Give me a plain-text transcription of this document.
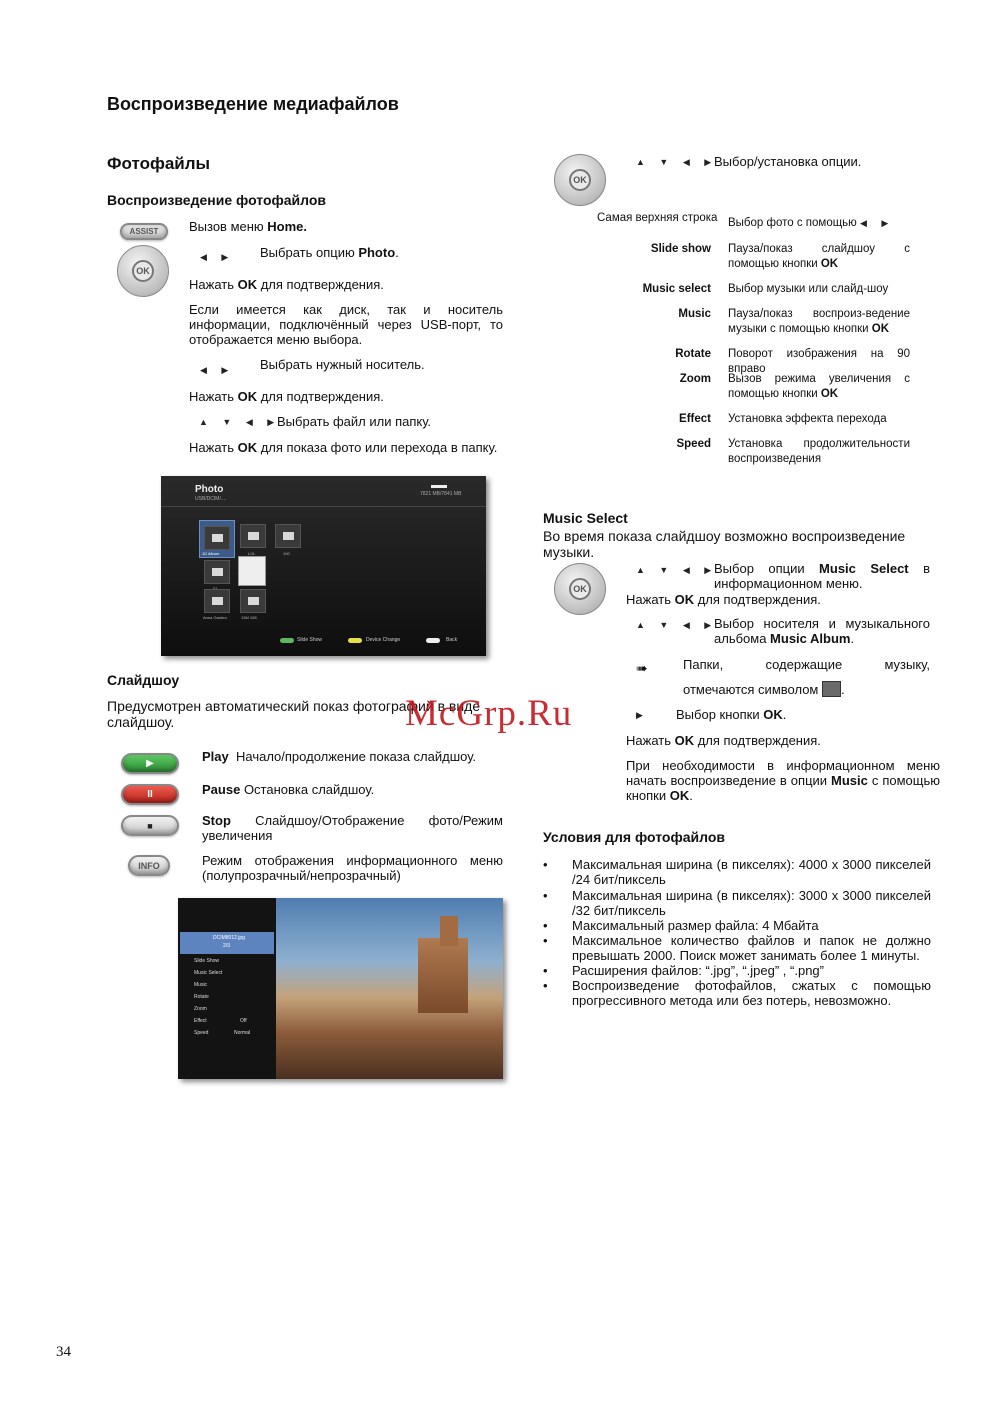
Воспроизведение медиафайлов
Фотофайлы
Воспроизведение фотофайлов
ASSIST
OK
Вызов меню Home.
◀ ▶ Выбрать опцию Photo.
Нажать OK для подтверждения.
Если имеется как диск, так и носитель информации, подключённый через USB-порт, то отображается меню выбора.
◀ ▶ Выбрать нужный носитель.
Нажать OK для подтверждения.
▲ ▼ ◀ ▶
Выбрать файл или папку.
Нажать OK для показа фото или перехода в папку.
Photo
USB/DCIM/....
7821 MB/7841 MB
1D Album	LOL	100
Anna Garden	13M 108
Slide Show	Device Change	Back
Слайдшоу
Предусмотрен автоматический показ фотографий в виде слайдшоу.
▶	Play Начало/продолжение показа слайдшоу.
II	Pause Остановка слайдшоу.
■	Stop Слайдшоу/Отображение фото/Режим увеличения
INFO	Режим отображения информационного меню (полупрозрачный/непрозрачный)
DCIM8012.jpg
2/3
Slide Show
Music Select
Music
Rotate
Zoom
Effect
Speed
Off
Normal
OK
▲ ▼ ◀ ▶
Выбор/установка опции.
Самая верхняя строка Выбор фото с помощью ◀ ▶
Slide show Пауза/показ слайдшоу с помощью кнопки OK
Music select Выбор музыки или слайд-шоу
Music Пауза/показ воспроиз-ведение музыки с помощью кнопки OK
Rotate Поворот изображения на 90 вправо
Zoom Вызов режима увеличения с помощью кнопки OK
Effect Установка эффекта перехода
Speed Установка продолжительности воспроизведения
Music Select
Во время показа слайдшоу возможно воспроизведение музыки.
OK
▲ ▼ ◀ ▶
Выбор опции Music Select в информационном меню.
Нажать OK для подтверждения.
▲ ▼ ◀ ▶
Выбор носителя и музыкального альбома Music Album.
➠	Папки, содержащие музыку,
отмечаются символом .
▶ Выбор кнопки OK.
Нажать OK для подтверждения.
При необходимости в информационном меню начать воспроизведение в опции Music с помощью кнопки OK.
Условия для фотофайлов
• Максимальная ширина (в пикселях): 4000 x 3000 пикселей /24 бит/пиксель
• Максимальная ширина (в пикселях): 3000 x 3000 пикселей /32 бит/пиксель
• Максимальный размер файла: 4 Мбайта
• Максимальное количество файлов и папок не должно превышать 2000. Поиск может занимать более 1 минуты.
• Расширения файлов: “.jpg”, “.jpeg” , “.png”
• Воспроизведение фотофайлов, сжатых с помощью прогрессивного метода или без потерь, невозможно.
McGrp.Ru
34
